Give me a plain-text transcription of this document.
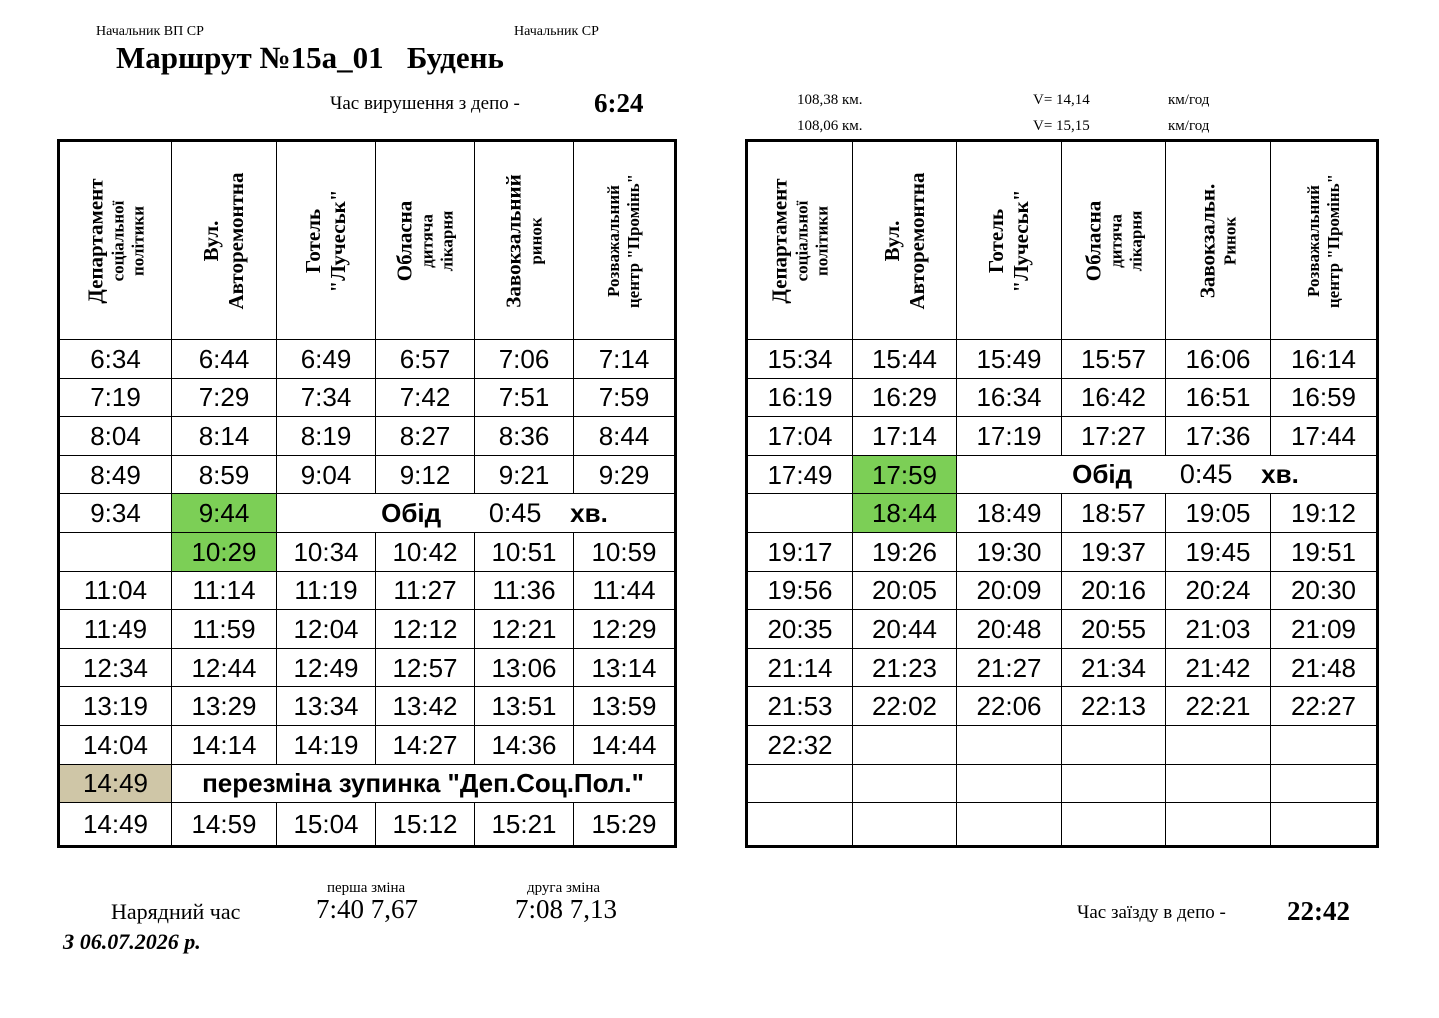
Начальник ВП СР	Начальник СР
Маршрут №15а_01   Будень
Час вирушення з депо -	6:24	108,38 км.	V= 14,14	км/год
108,06 км.	V= 15,15	км/год
Департамент соціальної політики	Вул. Авторемонтна	Готель "Лучеськ"	Обласна дитяча лікарня	Завокзальний ринок	Розважальний центр "Промінь"

6:34	6:44	6:49	6:57	7:06	7:14
7:19	7:29	7:34	7:42	7:51	7:59
8:04	8:14	8:19	8:27	8:36	8:44
8:49	8:59	9:04	9:12	9:21	9:29
9:34	9:44	Обід 0:45 хв.			
	10:29	10:34	10:42	10:51	10:59
11:04	11:14	11:19	11:27	11:36	11:44
11:49	11:59	12:04	12:12	12:21	12:29
12:34	12:44	12:49	12:57	13:06	13:14
13:19	13:29	13:34	13:42	13:51	13:59
14:04	14:14	14:19	14:27	14:36	14:44
14:49	перезміна зупинка "Деп.Соц.Пол."				
14:49	14:59	15:04	15:12	15:21	15:29
Департамент соціальної політики	Вул. Авторемонтна	Готель "Лучеськ"	Обласна дитяча лікарня	Завокзальн. Ринок	Розважальний центр "Промінь"

15:34	15:44	15:49	15:57	16:06	16:14
16:19	16:29	16:34	16:42	16:51	16:59
17:04	17:14	17:19	17:27	17:36	17:44
17:49	17:59	Обід 0:45 хв.			
	18:44	18:49	18:57	19:05	19:12
19:17	19:26	19:30	19:37	19:45	19:51
19:56	20:05	20:09	20:16	20:24	20:30
20:35	20:44	20:48	20:55	21:03	21:09
21:14	21:23	21:27	21:34	21:42	21:48
21:53	22:02	22:06	22:13	22:21	22:27
22:32					

перша зміна	друга зміна
Нарядний час	7:40 7,67	7:08 7,13	Час заїзду в депо - 22:42
З 06.07.2026 р.
